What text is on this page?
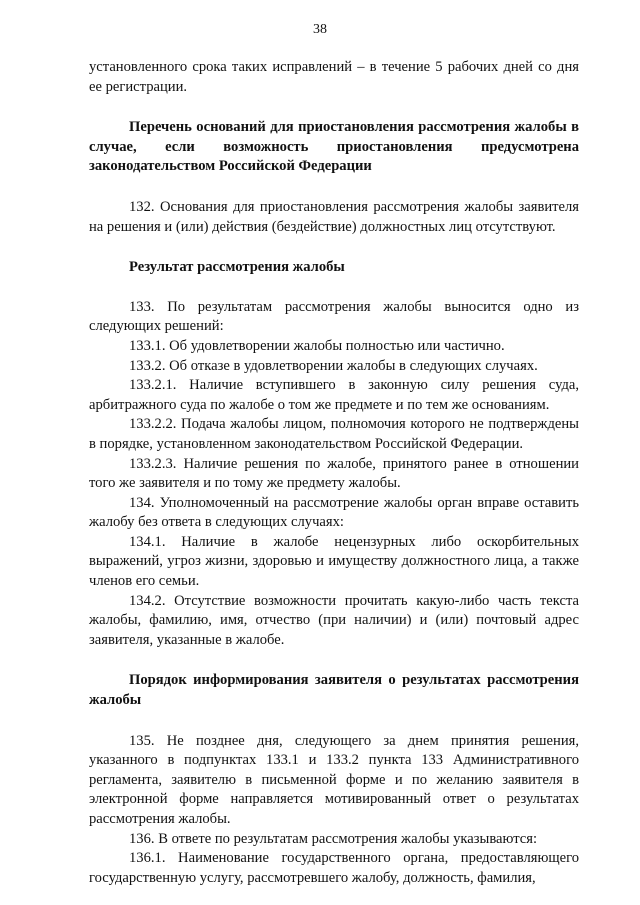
38

установленного срока таких исправлений – в течение 5 рабочих дней со дня ее регистрации.

Перечень оснований для приостановления рассмотрения жалобы в случае, если возможность приостановления предусмотрена законодательством Российской Федерации

132. Основания для приостановления рассмотрения жалобы заявителя на решения и (или) действия (бездействие) должностных лиц отсутствуют.

Результат рассмотрения жалобы

133. По результатам рассмотрения жалобы выносится одно из следующих решений:

133.1. Об удовлетворении жалобы полностью или частично.

133.2. Об отказе в удовлетворении жалобы в следующих случаях.

133.2.1. Наличие вступившего в законную силу решения суда, арбитражного суда по жалобе о том же предмете и по тем же основаниям.

133.2.2. Подача жалобы лицом, полномочия которого не подтверждены в порядке, установленном законодательством Российской Федерации.

133.2.3. Наличие решения по жалобе, принятого ранее в отношении того же заявителя и по тому же предмету жалобы.

134. Уполномоченный на рассмотрение жалобы орган вправе оставить жалобу без ответа в следующих случаях:

134.1. Наличие в жалобе нецензурных либо оскорбительных выражений, угроз жизни, здоровью и имуществу должностного лица, а также членов его семьи.

134.2. Отсутствие возможности прочитать какую-либо часть текста жалобы, фамилию, имя, отчество (при наличии) и (или) почтовый адрес заявителя, указанные в жалобе.

Порядок информирования заявителя о результатах рассмотрения жалобы

135. Не позднее дня, следующего за днем принятия решения, указанного в подпунктах 133.1 и 133.2 пункта 133 Административного регламента, заявителю в письменной форме и по желанию заявителя в электронной форме направляется мотивированный ответ о результатах рассмотрения жалобы.

136. В ответе по результатам рассмотрения жалобы указываются:

136.1. Наименование государственного органа, предоставляющего государственную услугу, рассмотревшего жалобу, должность, фамилия,
